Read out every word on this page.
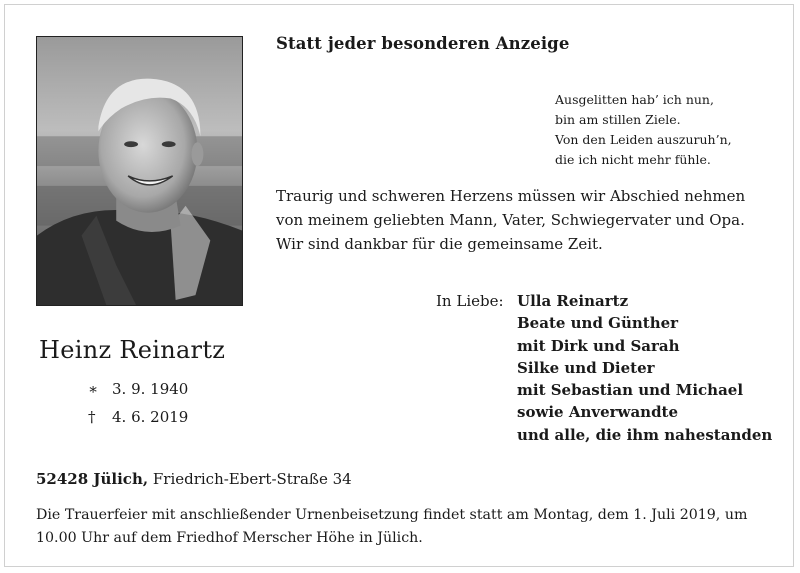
Statt jeder besonderen Anzeige
Ausgelitten hab’ ich nun,
bin am stillen Ziele.
Von den Leiden auszuruh’n,
die ich nicht mehr fühle.
Traurig und schweren Herzens müssen wir Abschied nehmen
von meinem geliebten Mann, Vater, Schwiegervater und Opa.
Wir sind dankbar für die gemeinsame Zeit.
In Liebe: Ulla Reinartz
Beate und Günther
mit Dirk und Sarah
Silke und Dieter
mit Sebastian und Michael
sowie Anverwandte
und alle, die ihm nahestanden
Heinz Reinartz
∗ 3. 9. 1940
† 4. 6. 2019
52428 Jülich, Friedrich-Ebert-Straße 34
Die Trauerfeier mit anschließender Urnenbeisetzung findet statt am Montag, dem 1. Juli 2019, um
10.00 Uhr auf dem Friedhof Merscher Höhe in Jülich.
